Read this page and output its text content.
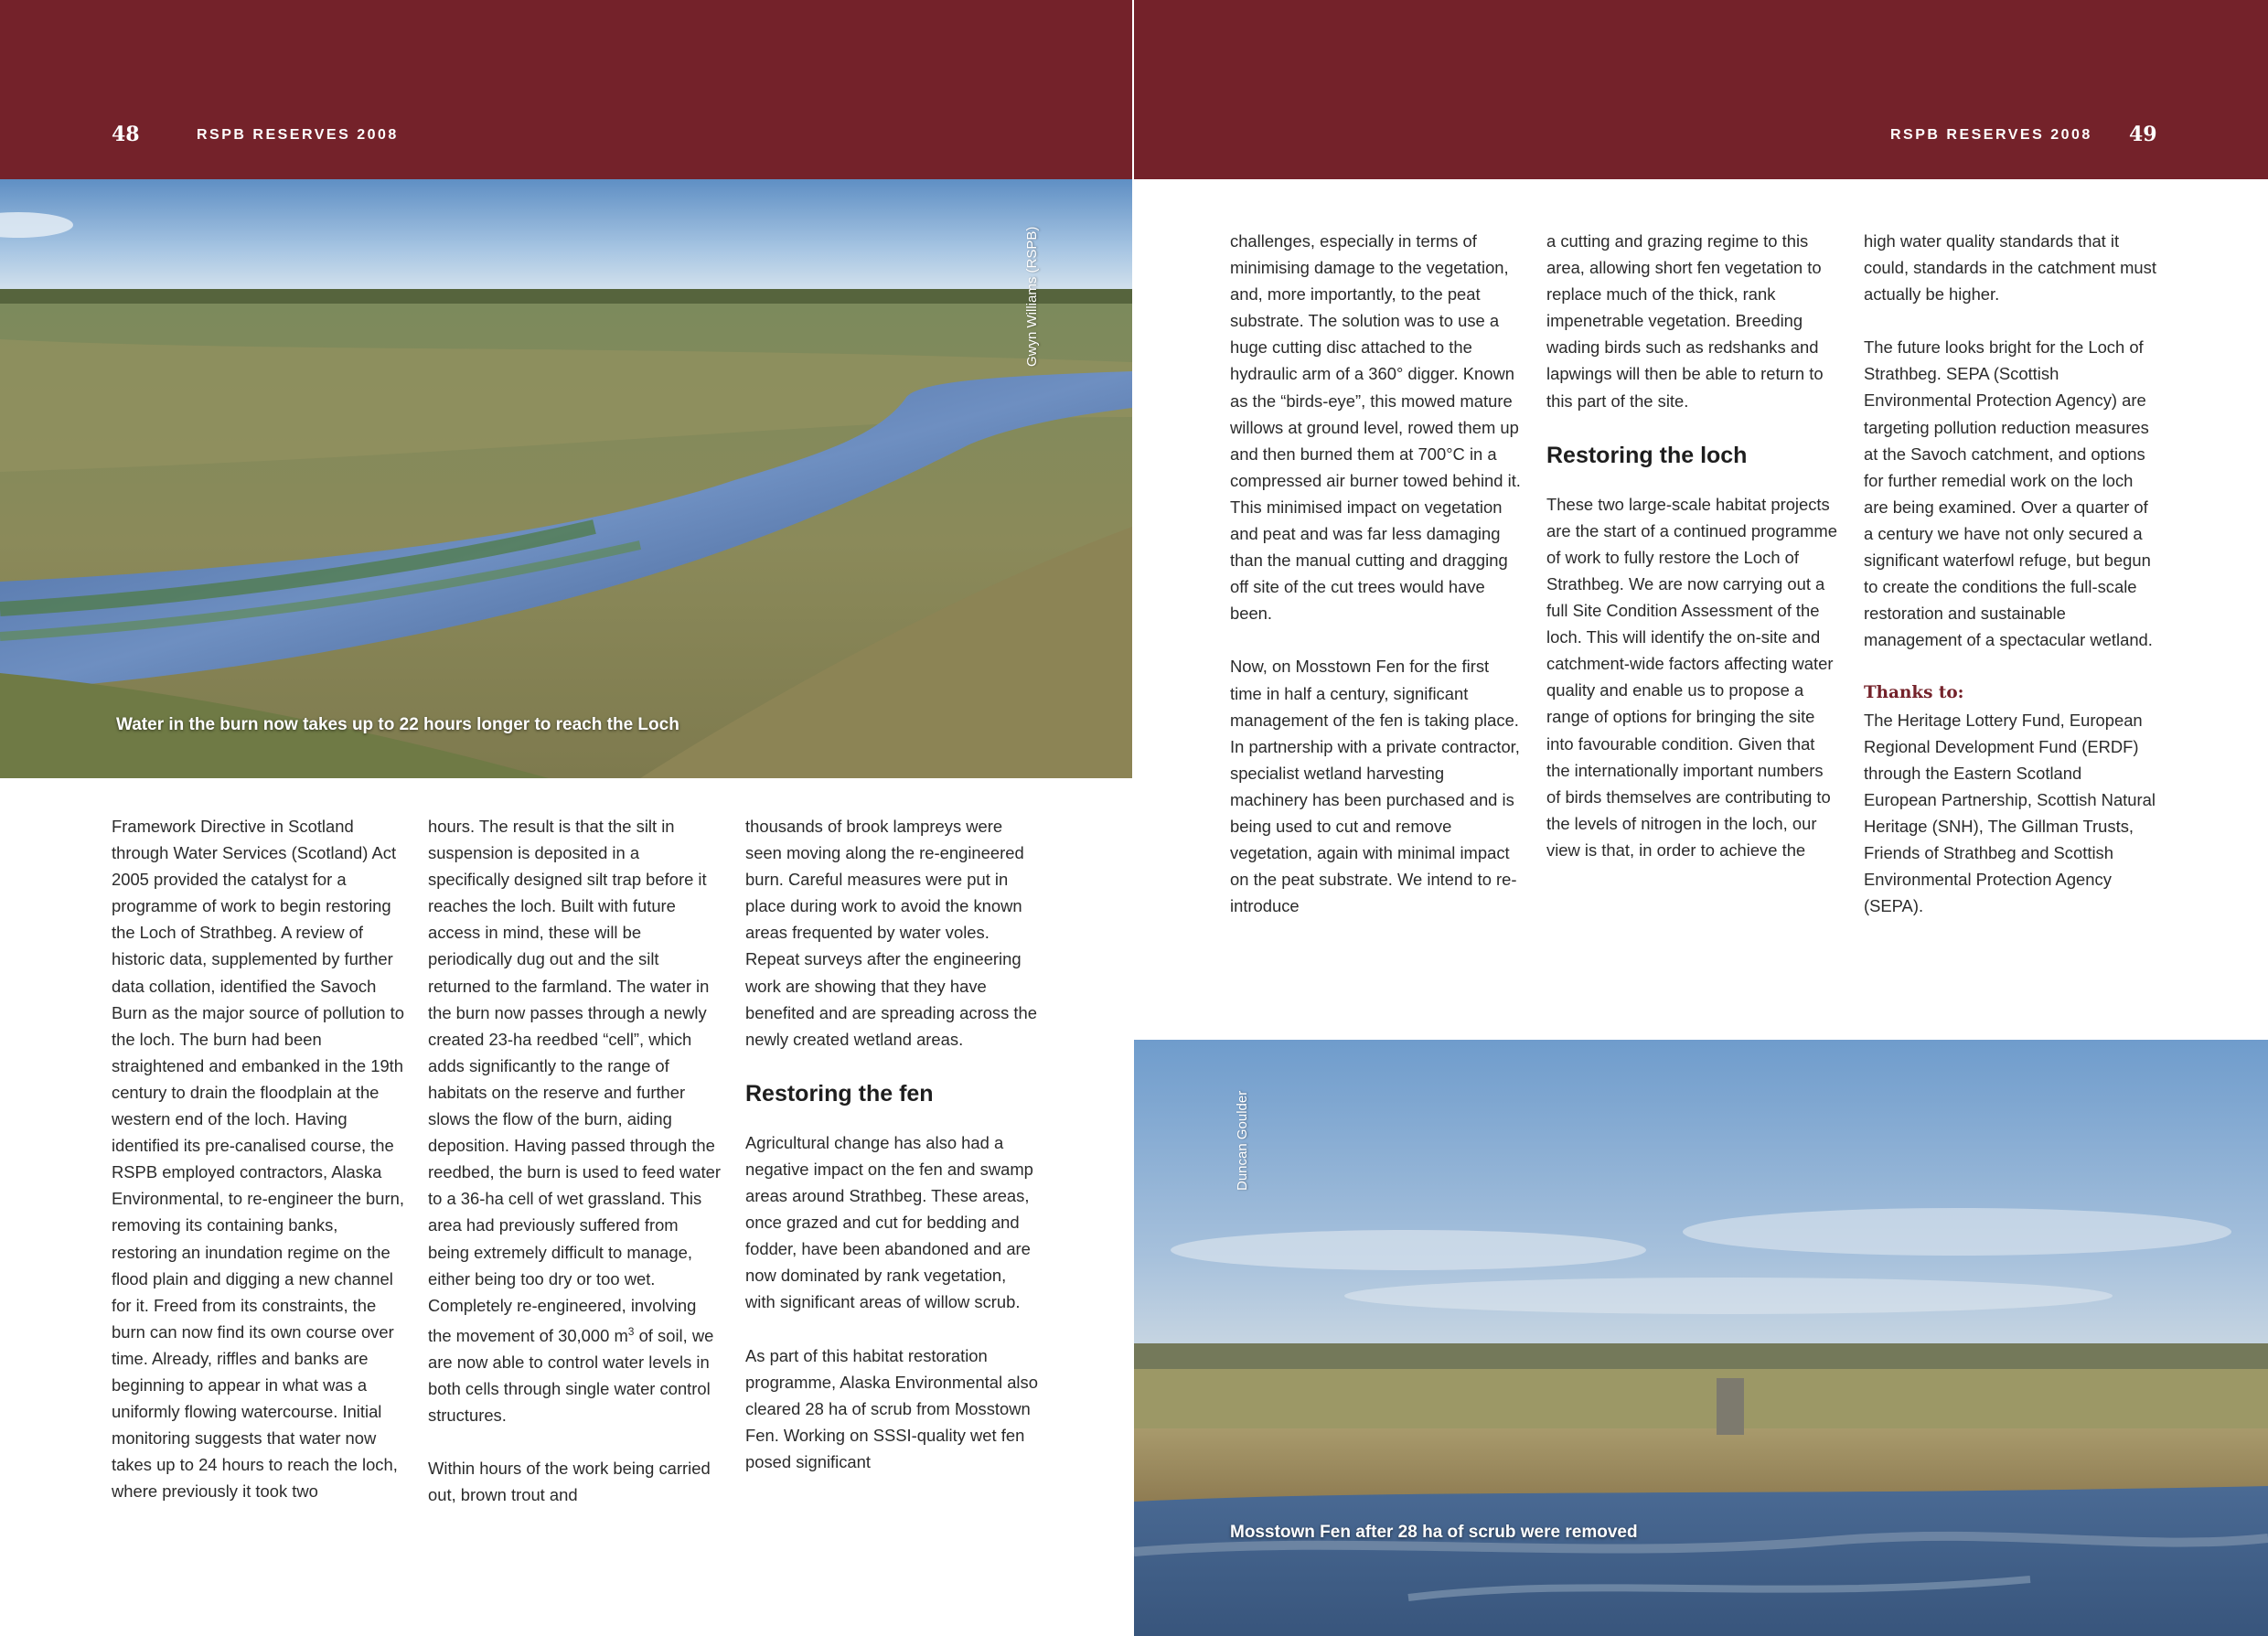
48	RSPB RESERVES 2008	RSPB RESERVES 2008 49
Water in the burn now takes up to 22 hours longer to reach the Loch
Gwyn Williams (RSPB)
Mosstown Fen after 28 ha of scrub were removed
Duncan Goulder

Framework Directive in Scotland through Water Services (Scotland) Act 2005 provided the catalyst for a programme of work to begin restoring the Loch of Strathbeg. A review of historic data, supplemented by further data collation, identified the Savoch Burn as the major source of pollution to the loch. The burn had been straightened and embanked in the 19th century to drain the floodplain at the western end of the loch. Having identified its pre-canalised course, the RSPB employed contractors, Alaska Environmental, to re-engineer the burn, removing its containing banks, restoring an inundation regime on the flood plain and digging a new channel for it. Freed from its constraints, the burn can now find its own course over time. Already, riffles and banks are beginning to appear in what was a uniformly flowing watercourse. Initial monitoring suggests that water now takes up to 24 hours to reach the loch, where previously it took two

hours. The result is that the silt in suspension is deposited in a specifically designed silt trap before it reaches the loch. Built with future access in mind, these will be periodically dug out and the silt returned to the farmland. The water in the burn now passes through a newly created 23-ha reedbed “cell”, which adds significantly to the range of habitats on the reserve and further slows the flow of the burn, aiding deposition. Having passed through the reedbed, the burn is used to feed water to a 36-ha cell of wet grassland. This area had previously suffered from being extremely difficult to manage, either being too dry or too wet. Completely re-engineered, involving the movement of 30,000 $m^3$ of soil, we are now able to control water levels in both cells through single water control structures.

Within hours of the work being carried out, brown trout and

thousands of brook lampreys were seen moving along the re-engineered burn. Careful measures were put in place during work to avoid the known areas frequented by water voles. Repeat surveys after the engineering work are showing that they have benefited and are spreading across the newly created wetland areas.

Restoring the fen

Agricultural change has also had a negative impact on the fen and swamp areas around Strathbeg. These areas, once grazed and cut for bedding and fodder, have been abandoned and are now dominated by rank vegetation, with significant areas of willow scrub.

As part of this habitat restoration programme, Alaska Environmental also cleared 28 ha of scrub from Mosstown Fen. Working on SSSI-quality wet fen posed significant

challenges, especially in terms of minimising damage to the vegetation, and, more importantly, to the peat substrate. The solution was to use a huge cutting disc attached to the hydraulic arm of a 360° digger. Known as the “birds-eye”, this mowed mature willows at ground level, rowed them up and then burned them at 700°C in a compressed air burner towed behind it. This minimised impact on vegetation and peat and was far less damaging than the manual cutting and dragging off site of the cut trees would have been.

Now, on Mosstown Fen for the first time in half a century, significant management of the fen is taking place. In partnership with a private contractor, specialist wetland harvesting machinery has been purchased and is being used to cut and remove vegetation, again with minimal impact on the peat substrate. We intend to re-introduce

a cutting and grazing regime to this area, allowing short fen vegetation to replace much of the thick, rank impenetrable vegetation. Breeding wading birds such as redshanks and lapwings will then be able to return to this part of the site.

Restoring the loch

These two large-scale habitat projects are the start of a continued programme of work to fully restore the Loch of Strathbeg. We are now carrying out a full Site Condition Assessment of the loch. This will identify the on-site and catchment-wide factors affecting water quality and enable us to propose a range of options for bringing the site into favourable condition. Given that the internationally important numbers of birds themselves are contributing to the levels of nitrogen in the loch, our view is that, in order to achieve the

high water quality standards that it could, standards in the catchment must actually be higher.

The future looks bright for the Loch of Strathbeg. SEPA (Scottish Environmental Protection Agency) are targeting pollution reduction measures at the Savoch catchment, and options for further remedial work on the loch are being examined. Over a quarter of a century we have not only secured a significant waterfowl refuge, but begun to create the conditions the full-scale restoration and sustainable management of a spectacular wetland.

Thanks to:

The Heritage Lottery Fund, European Regional Development Fund (ERDF) through the Eastern Scotland European Partnership, Scottish Natural Heritage (SNH), The Gillman Trusts, Friends of Strathbeg and Scottish Environmental Protection Agency (SEPA).
